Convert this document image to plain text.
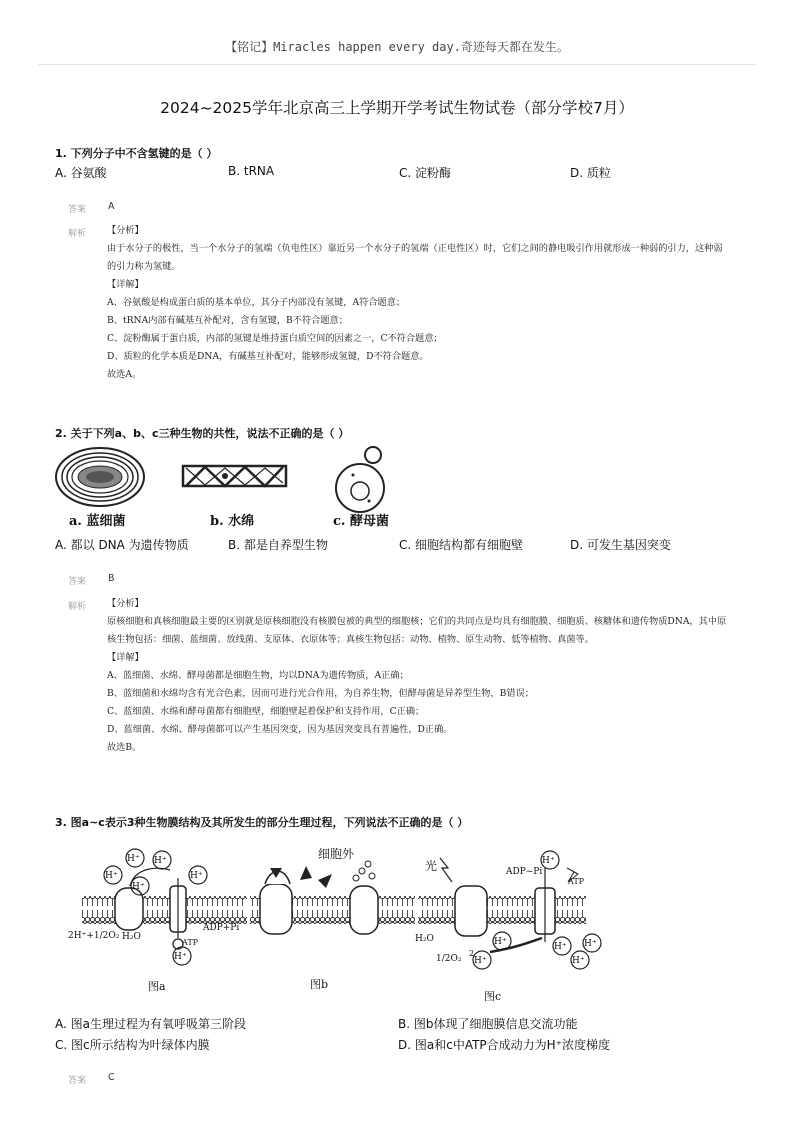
【铭记】Miracles happen every day.奇迹每天都在发生。
2024~2025学年北京高三上学期开学考试生物试卷（部分学校7月）
1. 下列分子中不含氢键的是（ ）
A. 谷氨酸	B. tRNA	C. 淀粉酶	D. 质粒
答案 A
解析 【分析】
由于水分子的极性，当一个水分子的氢端（负电性区）靠近另一个水分子的氢端（正电性区）时，它们之间的静电吸引作用就形成一种弱的引力，这种弱的引力称为氢键。
【详解】
A、谷氨酸是构成蛋白质的基本单位，其分子内部没有氢键，A符合题意；
B、tRNA内部有碱基互补配对，含有氢键，B不符合题意；
C、淀粉酶属于蛋白质，内部的氢键是维持蛋白质空间的因素之一，C不符合题意；
D、质粒的化学本质是DNA，有碱基互补配对，能够形成氢键，D不符合题意。
故选A。
2. 关于下列a、b、c三种生物的共性，说法不正确的是（ ）
a. 蓝细菌	b. 水绵	c. 酵母菌
A. 都以 DNA 为遗传物质	B. 都是自养型生物	C. 细胞结构都有细胞壁	D. 可发生基因突变
答案 B
解析 【分析】
原核细胞和真核细胞最主要的区别就是原核细胞没有核膜包被的典型的细胞核；它们的共同点是均具有细胞膜、细胞质、核糖体和遗传物质DNA，其中原核生物包括：细菌、蓝细菌、放线菌、支原体、衣原体等；真核生物包括：动物、植物、原生动物、低等植物、真菌等。
【详解】
A、蓝细菌、水绵、酵母菌都是细胞生物，均以DNA为遗传物质，A正确；
B、蓝细菌和水绵均含有光合色素，因而可进行光合作用，为自养生物，但酵母菌是异养型生物，B错误；
C、蓝细菌、水绵和酵母菌都有细胞壁，细胞壁起着保护和支持作用，C正确；
D、蓝细菌、水绵、酵母菌都可以产生基因突变，因为基因突变具有普遍性，D正确。
故选B。
3. 图a~c表示3种生物膜结构及其所发生的部分生理过程，下列说法不正确的是（ ）
H⁺ H⁺
H⁺
H⁺
H⁺
H⁺
2H⁺+1/2O₂ H₂O
ADP+Pi
ATP
图a
细胞外
图b
光	ADP~Pi
H₂O
1/2O₂
2
ATP
H⁺
H⁺
H⁺
H⁺ H⁺
H⁺
图c
A. 图a生理过程为有氧呼吸第三阶段	B. 图b体现了细胞膜信息交流功能
C. 图c所示结构为叶绿体内膜	D. 图a和c中ATP合成动力为H⁺浓度梯度
答案 C
